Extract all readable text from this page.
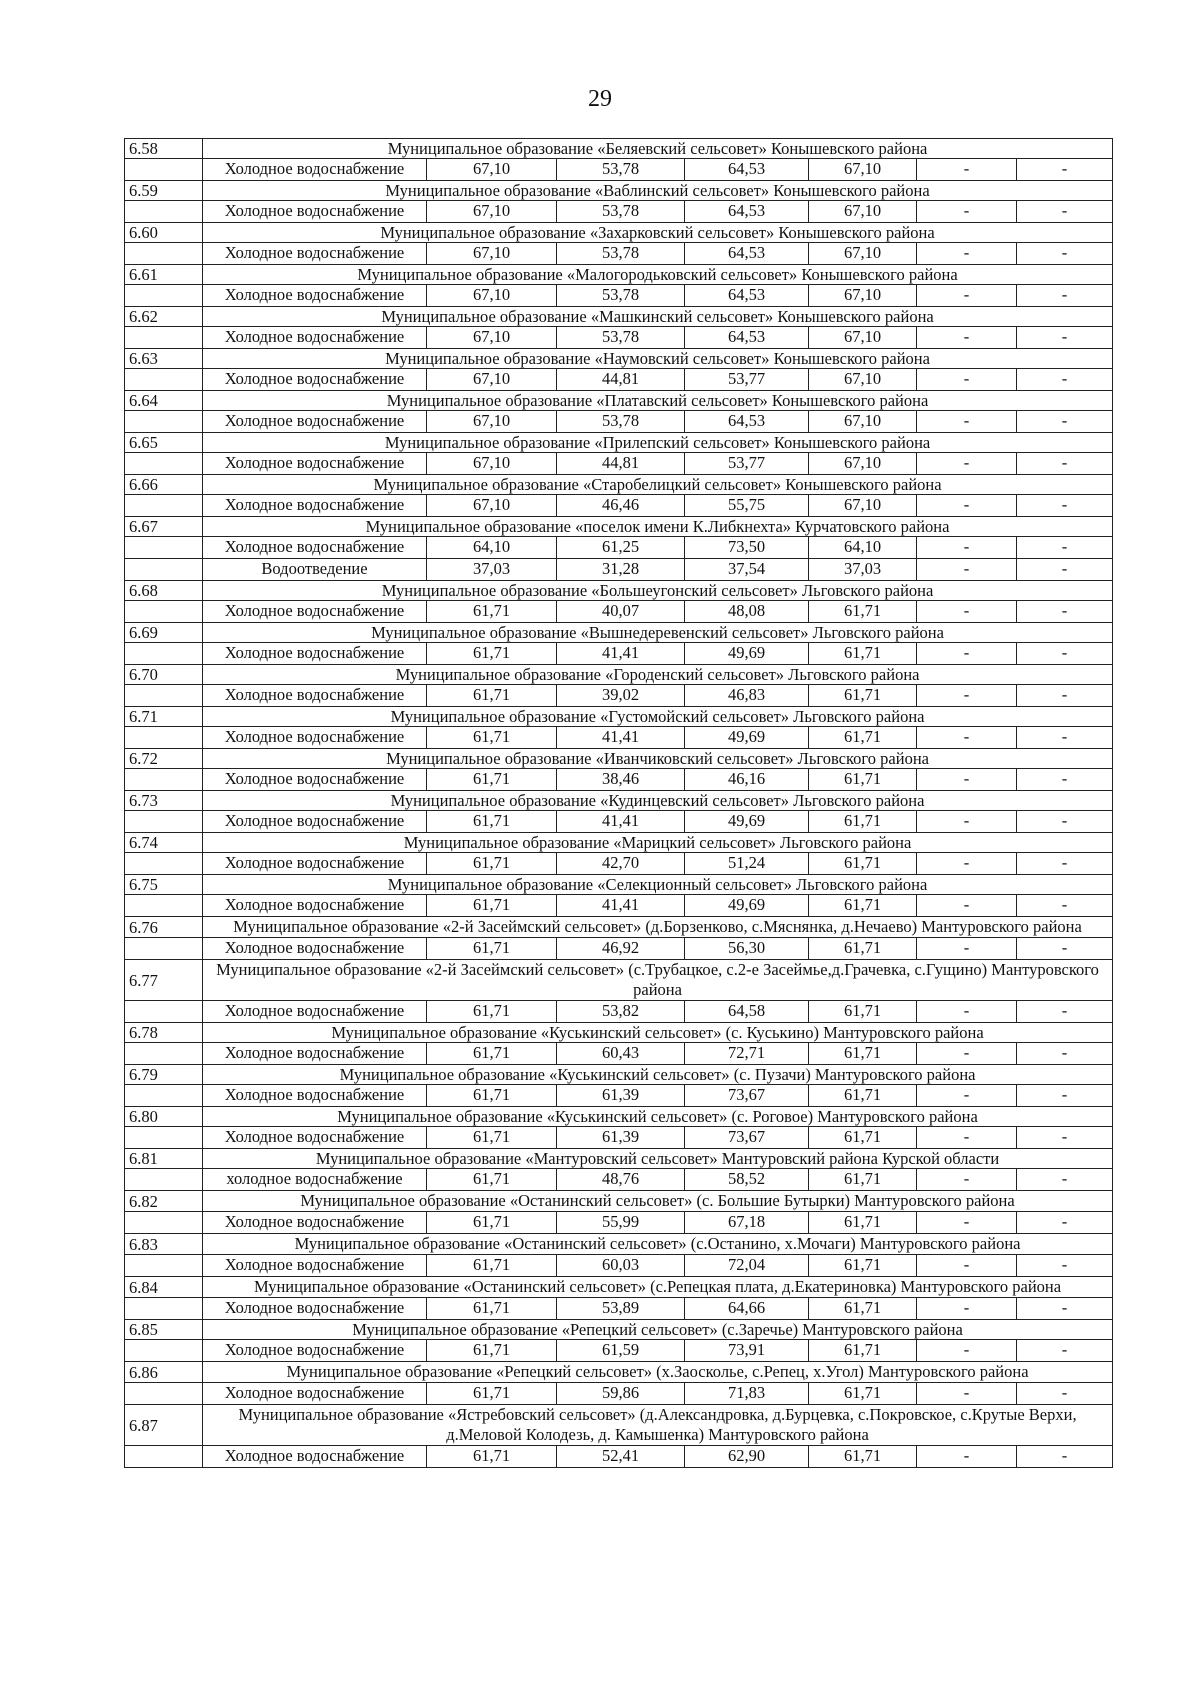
29
6.58	Муниципальное образование «Беляевский сельсовет» Конышевского района						
	Холодное водоснабжение	67,10	53,78	64,53	67,10	-	-
6.59	Муниципальное образование «Ваблинский сельсовет» Конышевского района						
	Холодное водоснабжение	67,10	53,78	64,53	67,10	-	-
6.60	Муниципальное образование «Захарковский сельсовет» Конышевского района						
	Холодное водоснабжение	67,10	53,78	64,53	67,10	-	-
6.61	Муниципальное образование «Малогородьковский сельсовет» Конышевского района						
	Холодное водоснабжение	67,10	53,78	64,53	67,10	-	-
6.62	Муниципальное образование «Машкинский сельсовет» Конышевского района						
	Холодное водоснабжение	67,10	53,78	64,53	67,10	-	-
6.63	Муниципальное образование «Наумовский сельсовет» Конышевского района						
	Холодное водоснабжение	67,10	44,81	53,77	67,10	-	-
6.64	Муниципальное образование «Платавский сельсовет» Конышевского района						
	Холодное водоснабжение	67,10	53,78	64,53	67,10	-	-
6.65	Муниципальное образование «Прилепский сельсовет» Конышевского района						
	Холодное водоснабжение	67,10	44,81	53,77	67,10	-	-
6.66	Муниципальное образование «Старобелицкий сельсовет» Конышевского района						
	Холодное водоснабжение	67,10	46,46	55,75	67,10	-	-
6.67	Муниципальное образование «поселок имени К.Либкнехта» Курчатовского района						
	Холодное водоснабжение	64,10	61,25	73,50	64,10	-	-
	Водоотведение	37,03	31,28	37,54	37,03	-	-
6.68	Муниципальное образование «Большеугонский сельсовет» Льговского района						
	Холодное водоснабжение	61,71	40,07	48,08	61,71	-	-
6.69	Муниципальное образование «Вышнедеревенский сельсовет» Льговского района						
	Холодное водоснабжение	61,71	41,41	49,69	61,71	-	-
6.70	Муниципальное образование «Городенский сельсовет» Льговского района						
	Холодное водоснабжение	61,71	39,02	46,83	61,71	-	-
6.71	Муниципальное образование «Густомойский сельсовет» Льговского района						
	Холодное водоснабжение	61,71	41,41	49,69	61,71	-	-
6.72	Муниципальное образование «Иванчиковский сельсовет» Льговского района						
	Холодное водоснабжение	61,71	38,46	46,16	61,71	-	-
6.73	Муниципальное образование «Кудинцевский сельсовет» Льговского района						
	Холодное водоснабжение	61,71	41,41	49,69	61,71	-	-
6.74	Муниципальное образование «Марицкий сельсовет» Льговского района						
	Холодное водоснабжение	61,71	42,70	51,24	61,71	-	-
6.75	Муниципальное образование «Селекционный сельсовет» Льговского района						
	Холодное водоснабжение	61,71	41,41	49,69	61,71	-	-
6.76	Муниципальное образование «2-й Засеймский сельсовет» (д.Борзенково, с.Мяснянка, д.Нечаево) Мантуровского района						
	Холодное водоснабжение	61,71	46,92	56,30	61,71	-	-
6.77	Муниципальное образование «2-й Засеймский сельсовет» (с.Трубацкое, с.2-е Засеймье,д.Грачевка, с.Гущино) Мантуровского района						
	Холодное водоснабжение	61,71	53,82	64,58	61,71	-	-
6.78	Муниципальное образование «Куськинский сельсовет» (с. Куськино) Мантуровского района						
	Холодное водоснабжение	61,71	60,43	72,71	61,71	-	-
6.79	Муниципальное образование «Куськинский сельсовет» (с. Пузачи) Мантуровского района						
	Холодное водоснабжение	61,71	61,39	73,67	61,71	-	-
6.80	Муниципальное образование «Куськинский сельсовет» (с. Роговое) Мантуровского района						
	Холодное водоснабжение	61,71	61,39	73,67	61,71	-	-
6.81	Муниципальное образование «Мантуровский сельсовет» Мантуровский района Курской области						
	холодное водоснабжение	61,71	48,76	58,52	61,71	-	-
6.82	Муниципальное образование «Останинский сельсовет» (с. Большие Бутырки) Мантуровского района						
	Холодное водоснабжение	61,71	55,99	67,18	61,71	-	-
6.83	Муниципальное образование «Останинский сельсовет» (с.Останино, х.Мочаги) Мантуровского района						
	Холодное водоснабжение	61,71	60,03	72,04	61,71	-	-
6.84	Муниципальное образование «Останинский сельсовет» (с.Репецкая плата, д.Екатериновка) Мантуровского района						
	Холодное водоснабжение	61,71	53,89	64,66	61,71	-	-
6.85	Муниципальное образование «Репецкий сельсовет» (с.Заречье) Мантуровского района						
	Холодное водоснабжение	61,71	61,59	73,91	61,71	-	-
6.86	Муниципальное образование «Репецкий сельсовет» (х.Заосколье, с.Репец, х.Угол) Мантуровского района						
	Холодное водоснабжение	61,71	59,86	71,83	61,71	-	-
6.87	Муниципальное образование «Ястребовский сельсовет» (д.Александровка, д.Бурцевка, с.Покровское, с.Крутые Верхи, д.Меловой Колодезь, д. Камышенка) Мантуровского района						
	Холодное водоснабжение	61,71	52,41	62,90	61,71	-	-
